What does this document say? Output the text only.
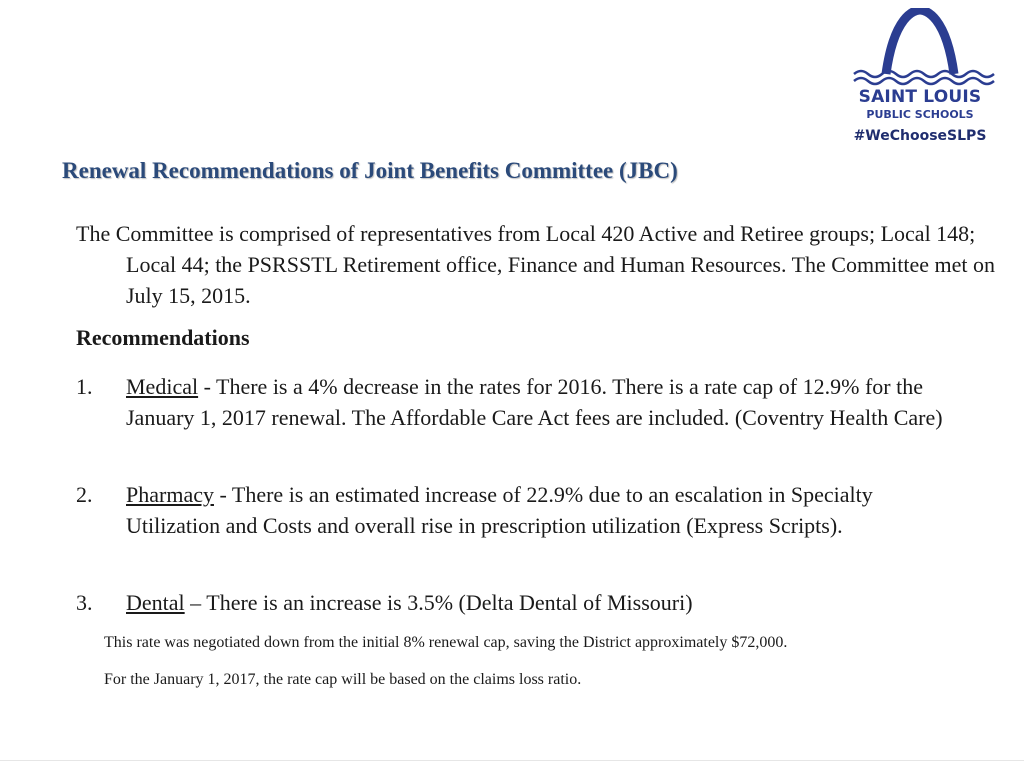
SAINT LOUIS
PUBLIC SCHOOLS
#WeChooseSLPS
Renewal Recommendations of Joint Benefits Committee (JBC)

The Committee is comprised of representatives from Local 420 Active and Retiree groups; Local 148; Local 44; the PSRSSTL Retirement office, Finance and Human Resources. The Committee met on July 15, 2015.

Recommendations
1. Medical - There is a 4% decrease in the rates for 2016. There is a rate cap of 12.9% for the January 1, 2017 renewal. The Affordable Care Act fees are included. (Coventry Health Care)
2. Pharmacy - There is an estimated increase of 22.9% due to an escalation in Specialty Utilization and Costs and overall rise in prescription utilization (Express Scripts).
3. Dental – There is an increase is 3.5% (Delta Dental of Missouri)

This rate was negotiated down from the initial 8% renewal cap, saving the District approximately $72,000.

For the January 1, 2017, the rate cap will be based on the claims loss ratio.
